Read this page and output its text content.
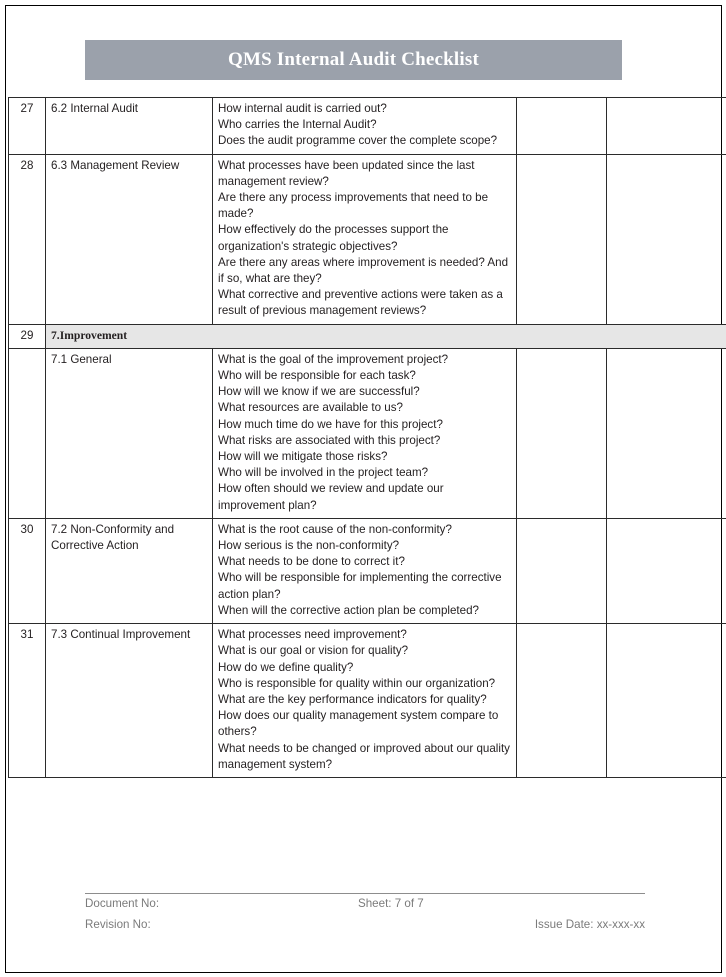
QMS Internal Audit Checklist
27	6.2 Internal Audit	How internal audit is carried out?
Who carries the Internal Audit?
Does the audit programme cover the complete scope?		

28	6.3 Management Review	What processes have been updated since the last management review?
Are there any process improvements that need to be made?
How effectively do the processes support the organization's strategic objectives?
Are there any areas where improvement is needed? And if so, what are they?
What corrective and preventive actions were taken as a result of previous management reviews?		

29	7.Improvement			
	7.1 General	What is the goal of the improvement project?
Who will be responsible for each task?
How will we know if we are successful?
What resources are available to us?
How much time do we have for this project?
What risks are associated with this project?
How will we mitigate those risks?
Who will be involved in the project team?
How often should we review and update our improvement plan?

30	7.2 Non-Conformity and Corrective Action	What is the root cause of the non-conformity?
How serious is the non-conformity?
What needs to be done to correct it?
Who will be responsible for implementing the corrective action plan?
When will the corrective action plan be completed?		

31	7.3 Continual Improvement	What processes need improvement?
What is our goal or vision for quality?
How do we define quality?
Who is responsible for quality within our organization?
What are the key performance indicators for quality?
How does our quality management system compare to others?
What needs to be changed or improved about our quality management system?

Document No:	Sheet: 7 of 7
Revision No:	Issue Date: xx-xxx-xx
